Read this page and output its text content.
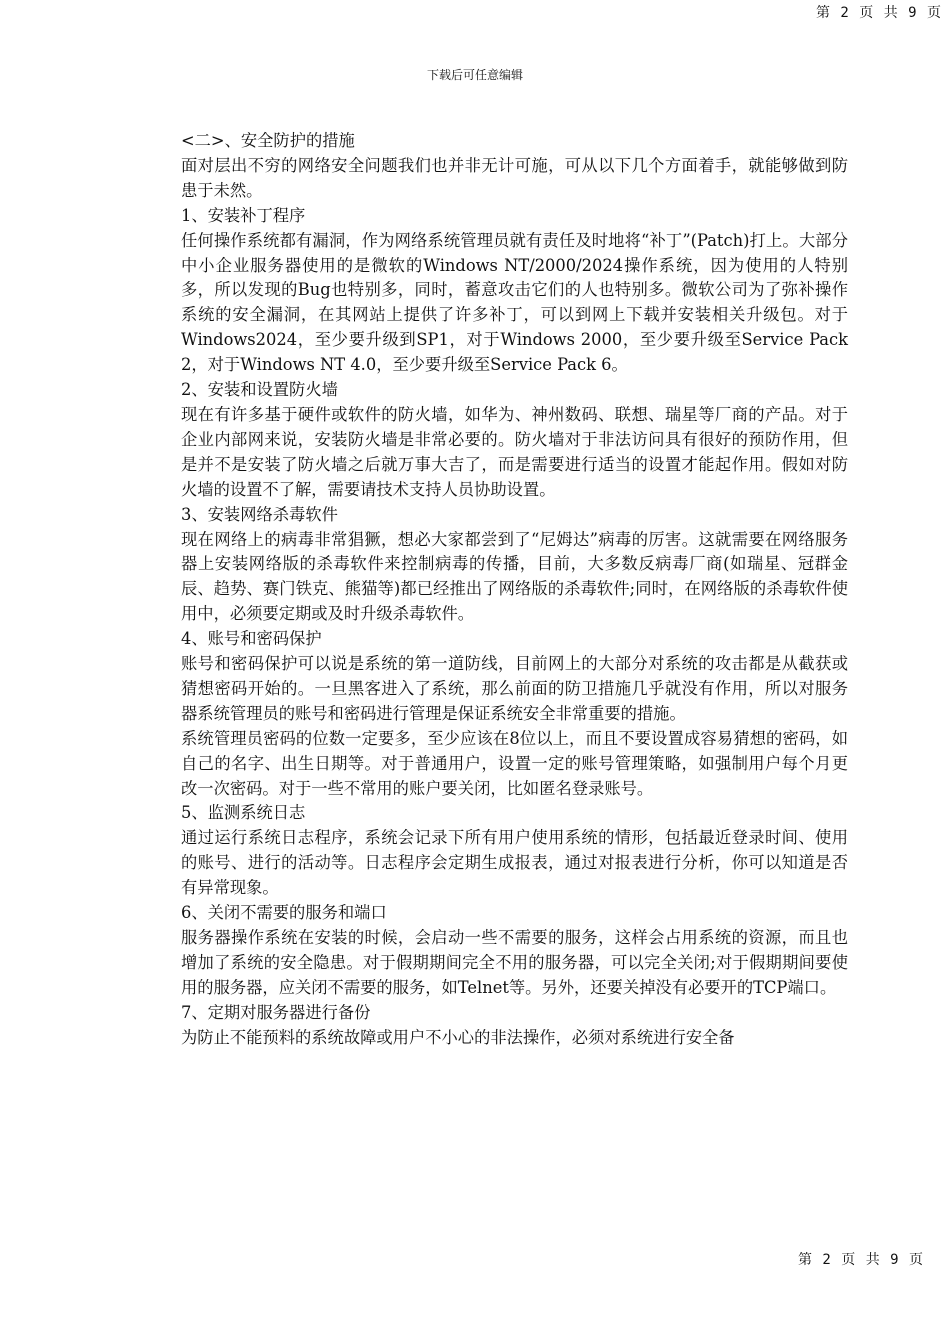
第 2 页 共 9 页
下载后可任意编辑

<二>、安全防护的措施

面对层出不穷的网络安全问题我们也并非无计可施，可从以下几个方面着手，就能够做到防患于未然。

1、安装补丁程序

任何操作系统都有漏洞，作为网络系统管理员就有责任及时地将“补丁”(Patch)打上。大部分中小企业服务器使用的是微软的Windows NT/2000/2024操作系统，因为使用的人特别多，所以发现的Bug也特别多，同时，蓄意攻击它们的人也特别多。微软公司为了弥补操作系统的安全漏洞，在其网站上提供了许多补丁，可以到网上下载并安装相关升级包。对于Windows2024，至少要升级到SP1，对于Windows 2000，至少要升级至Service Pack 2，对于Windows NT 4.0，至少要升级至Service Pack 6。

2、安装和设置防火墙

现在有许多基于硬件或软件的防火墙，如华为、神州数码、联想、瑞星等厂商的产品。对于企业内部网来说，安装防火墙是非常必要的。防火墙对于非法访问具有很好的预防作用，但是并不是安装了防火墙之后就万事大吉了，而是需要进行适当的设置才能起作用。假如对防火墙的设置不了解，需要请技术支持人员协助设置。

3、安装网络杀毒软件

现在网络上的病毒非常猖獗，想必大家都尝到了“尼姆达”病毒的厉害。这就需要在网络服务器上安装网络版的杀毒软件来控制病毒的传播，目前，大多数反病毒厂商(如瑞星、冠群金辰、趋势、赛门铁克、熊猫等)都已经推出了网络版的杀毒软件;同时，在网络版的杀毒软件使用中，必须要定期或及时升级杀毒软件。

4、账号和密码保护

账号和密码保护可以说是系统的第一道防线，目前网上的大部分对系统的攻击都是从截获或猜想密码开始的。一旦黑客进入了系统，那么前面的防卫措施几乎就没有作用，所以对服务器系统管理员的账号和密码进行管理是保证系统安全非常重要的措施。

系统管理员密码的位数一定要多，至少应该在8位以上，而且不要设置成容易猜想的密码，如自己的名字、出生日期等。对于普通用户，设置一定的账号管理策略，如强制用户每个月更改一次密码。对于一些不常用的账户要关闭，比如匿名登录账号。

5、监测系统日志

通过运行系统日志程序，系统会记录下所有用户使用系统的情形，包括最近登录时间、使用的账号、进行的活动等。日志程序会定期生成报表，通过对报表进行分析，你可以知道是否有异常现象。

6、关闭不需要的服务和端口

服务器操作系统在安装的时候，会启动一些不需要的服务，这样会占用系统的资源，而且也增加了系统的安全隐患。对于假期期间完全不用的服务器，可以完全关闭;对于假期期间要使用的服务器，应关闭不需要的服务，如Telnet等。另外，还要关掉没有必要开的TCP端口。

7、定期对服务器进行备份

为防止不能预料的系统故障或用户不小心的非法操作，必须对系统进行安全备

第 2 页 共 9 页
